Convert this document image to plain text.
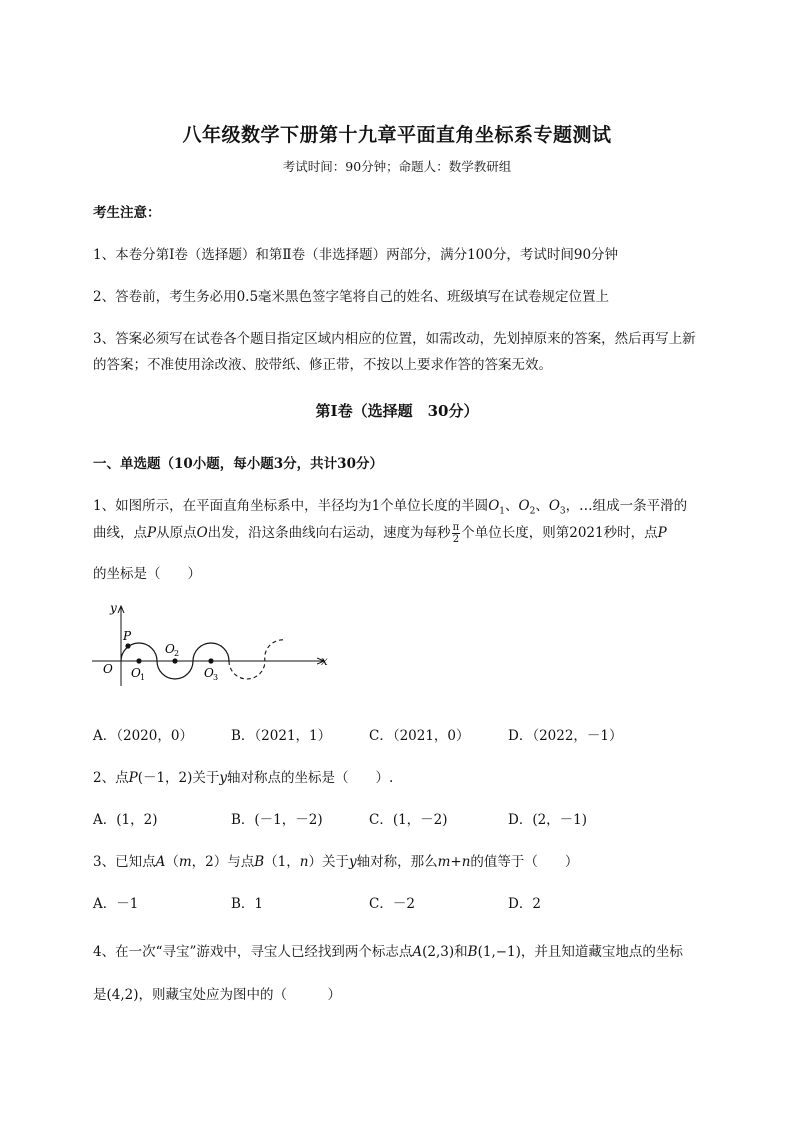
八年级数学下册第十九章平面直角坐标系专题测试
考试时间：90分钟；命题人：数学教研组
考生注意：
1、本卷分第Ⅰ卷（选择题）和第Ⅱ卷（非选择题）两部分，满分100分，考试时间90分钟
2、答卷前，考生务必用0.5毫米黑色签字笔将自己的姓名、班级填写在试卷规定位置上
3、答案必须写在试卷各个题目指定区域内相应的位置，如需改动，先划掉原来的答案，然后再写上新
的答案；不准使用涂改液、胶带纸、修正带，不按以上要求作答的答案无效。
第Ⅰ卷（选择题　30分）
一、单选题（10小题，每小题3分，共计30分）
1、如图所示，在平面直角坐标系中，半径均为1个单位长度的半圆$O_1$、$O_2$、$O_3$，…组成一条平滑的
曲线，点P从原点O出发，沿这条曲线向右运动，速度为每秒 $\frac{\pi}{2}$ 个单位长度，则第2021秒时，点P
的坐标是（　　）
y
x
O
P
O 1
O 2
O 3
A．（2020，0）	B．（2021，1）	C．（2021，0）	D．（2022，－1）
2、点P(－1，2)关于y轴对称点的坐标是（　　）.
A．(1，2)	B．(－1，－2)	C．(1，－2)	D．(2，－1)
3、已知点A（m，2）与点B（1，n）关于y轴对称，那么m+n的值等于（　　）
A．－1	B．1	C．－2	D．2
4、在一次“寻宝”游戏中，寻宝人已经找到两个标志点A(2,3)和B(1,−1)，并且知道藏宝地点的坐标
是(4,2)，则藏宝处应为图中的（　　　）
